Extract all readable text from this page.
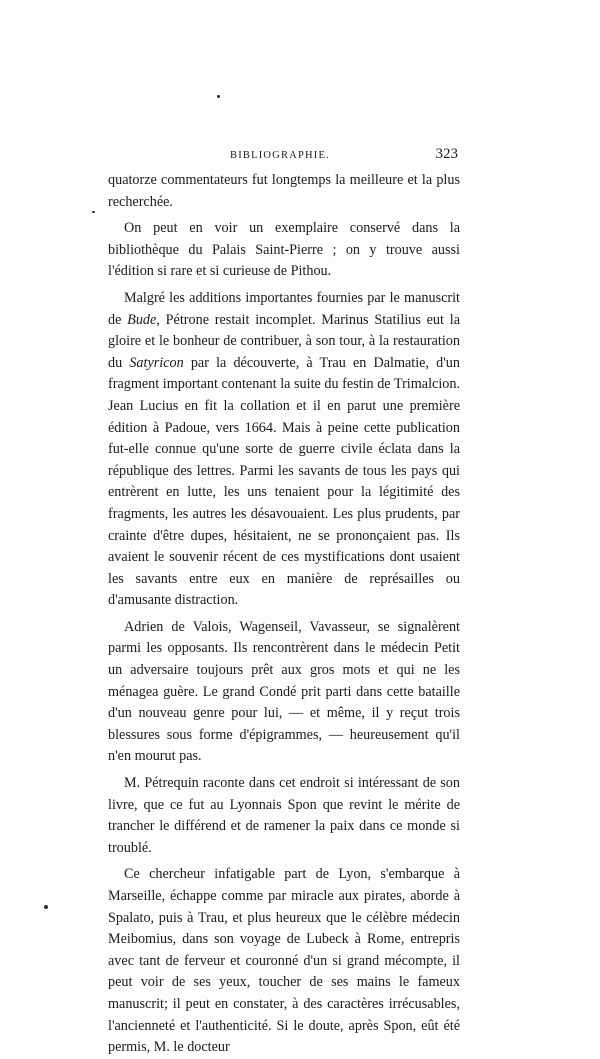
BIBLIOGRAPHIE.	323

quatorze commentateurs fut longtemps la meilleure et la plus recherchée.

On peut en voir un exemplaire conservé dans la bibliothèque du Palais Saint-Pierre ; on y trouve aussi l'édition si rare et si curieuse de Pithou.

Malgré les additions importantes fournies par le manuscrit de Bude, Pétrone restait incomplet. Marinus Statilius eut la gloire et le bonheur de contribuer, à son tour, à la restauration du Satyricon par la découverte, à Trau en Dalmatie, d'un fragment important contenant la suite du festin de Trimalcion. Jean Lucius en fit la collation et il en parut une première édition à Padoue, vers 1664. Mais à peine cette publication fut-elle connue qu'une sorte de guerre civile éclata dans la république des lettres. Parmi les savants de tous les pays qui entrèrent en lutte, les uns tenaient pour la légitimité des fragments, les autres les désavouaient. Les plus prudents, par crainte d'être dupes, hésitaient, ne se prononçaient pas. Ils avaient le souvenir récent de ces mystifications dont usaient les savants entre eux en manière de représailles ou d'amusante distraction.

Adrien de Valois, Wagenseil, Vavasseur, se signalèrent parmi les opposants. Ils rencontrèrent dans le médecin Petit un adversaire toujours prêt aux gros mots et qui ne les ménagea guère. Le grand Condé prit parti dans cette bataille d'un nouveau genre pour lui, — et même, il y reçut trois blessures sous forme d'épigrammes, — heureusement qu'il n'en mourut pas.

M. Pétrequin raconte dans cet endroit si intéressant de son livre, que ce fut au Lyonnais Spon que revint le mérite de trancher le différend et de ramener la paix dans ce monde si troublé.

Ce chercheur infatigable part de Lyon, s'embarque à Marseille, échappe comme par miracle aux pirates, aborde à Spalato, puis à Trau, et plus heureux que le célèbre médecin Meibomius, dans son voyage de Lubeck à Rome, entrepris avec tant de ferveur et couronné d'un si grand mécompte, il peut voir de ses yeux, toucher de ses mains le fameux manuscrit; il peut en constater, à des caractères irrécusables, l'ancienneté et l'authenticité. Si le doute, après Spon, eût été permis, M. le docteur
